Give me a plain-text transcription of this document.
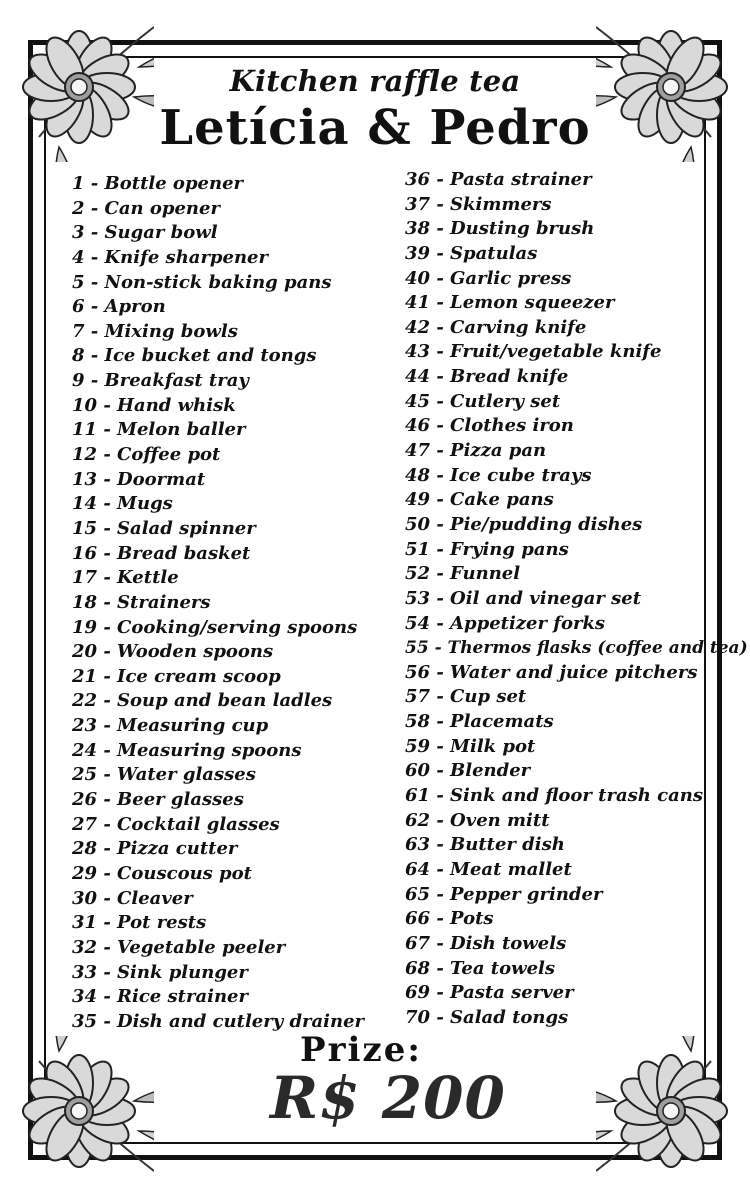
Kitchen raffle tea
Letícia & Pedro
1 - Bottle opener
2 - Can opener
3 - Sugar bowl
4 - Knife sharpener
5 - Non-stick baking pans
6 - Apron
7 - Mixing bowls
8 - Ice bucket and tongs
9 - Breakfast tray
10 - Hand whisk
11 - Melon baller
12 - Coffee pot
13 - Doormat
14 - Mugs
15 - Salad spinner
16 - Bread basket
17 - Kettle
18 - Strainers
19 - Cooking/serving spoons
20 - Wooden spoons
21 - Ice cream scoop
22 - Soup and bean ladles
23 - Measuring cup
24 - Measuring spoons
25 - Water glasses
26 - Beer glasses
27 - Cocktail glasses
28 - Pizza cutter
29 - Couscous pot
30 - Cleaver
31 - Pot rests
32 - Vegetable peeler
33 - Sink plunger
34 - Rice strainer
35 - Dish and cutlery drainer
36 - Pasta strainer
37 - Skimmers
38 - Dusting brush
39 - Spatulas
40 - Garlic press
41 - Lemon squeezer
42 - Carving knife
43 - Fruit/vegetable knife
44 - Bread knife
45 - Cutlery set
46 - Clothes iron
47 - Pizza pan
48 - Ice cube trays
49 - Cake pans
50 - Pie/pudding dishes
51 - Frying pans
52 - Funnel
53 - Oil and vinegar set
54 - Appetizer forks
55 - Thermos flasks (coffee and tea)
56 - Water and juice pitchers
57 - Cup set
58 - Placemats
59 - Milk pot
60 - Blender
61 - Sink and floor trash cans
62 - Oven mitt
63 - Butter dish
64 - Meat mallet
65 - Pepper grinder
66 - Pots
67 - Dish towels
68 - Tea towels
69 - Pasta server
70 - Salad tongs
Prize:
R$ 200
